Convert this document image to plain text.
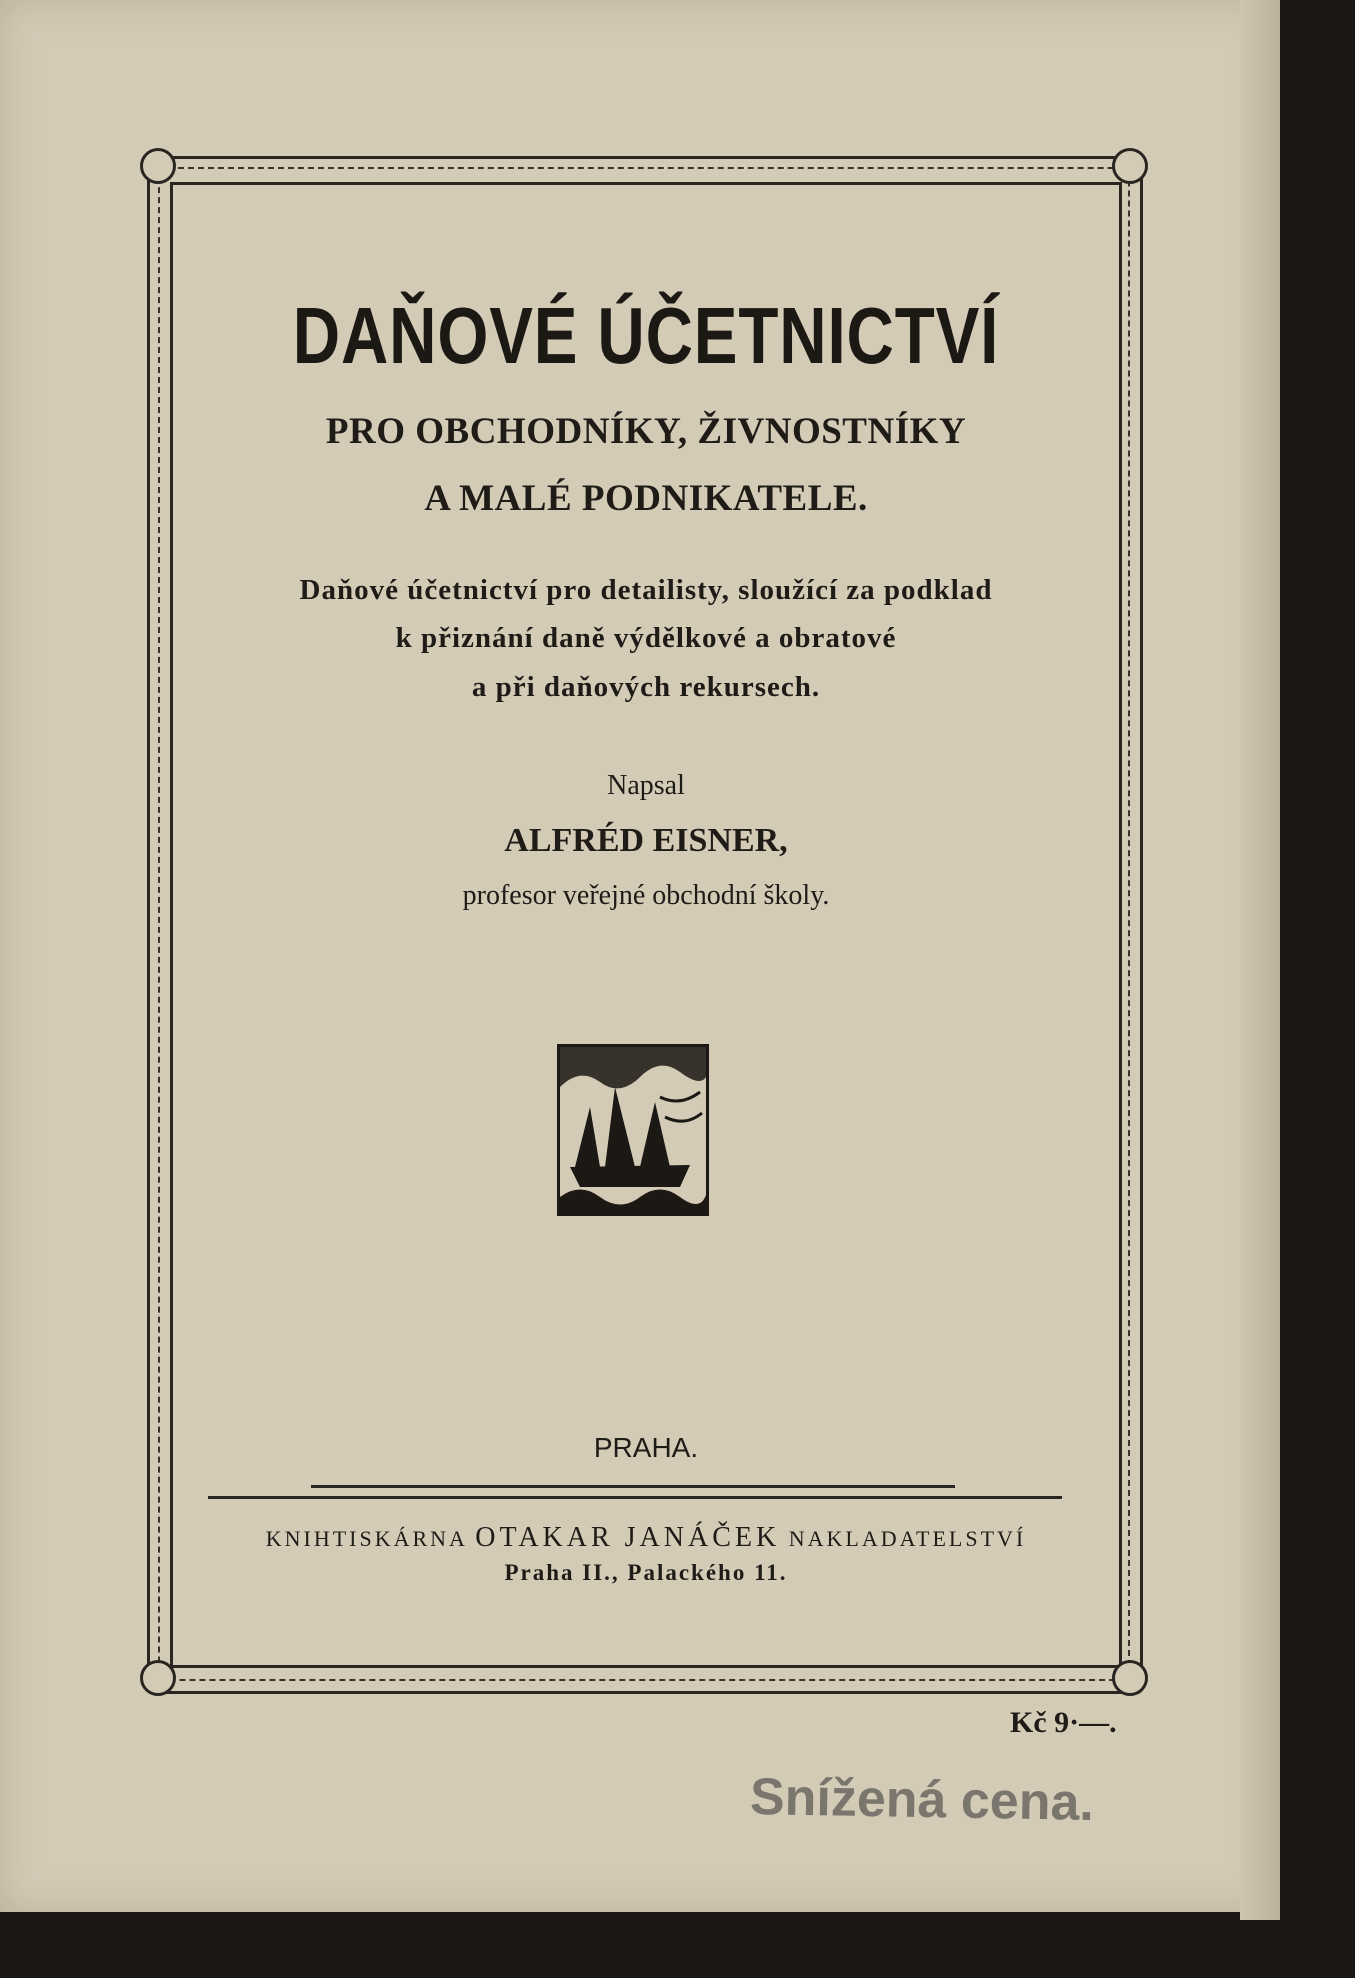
DAŇOVÉ ÚČETNICTVÍ
PRO OBCHODNÍKY, ŽIVNOSTNÍKY
A MALÉ PODNIKATELE.
Daňové účetnictví pro detailisty, sloužící za podklad
k přiznání daně výdělkové a obratové
a při daňových rekursech.
Napsal
ALFRÉD EISNER,
profesor veřejné obchodní školy.
PRAHA.
KNIHTISKÁRNA OTAKAR JANÁČEK NAKLADATELSTVÍ
Praha II., Palackého 11.
Kč 9·—.
Snížená cena.
